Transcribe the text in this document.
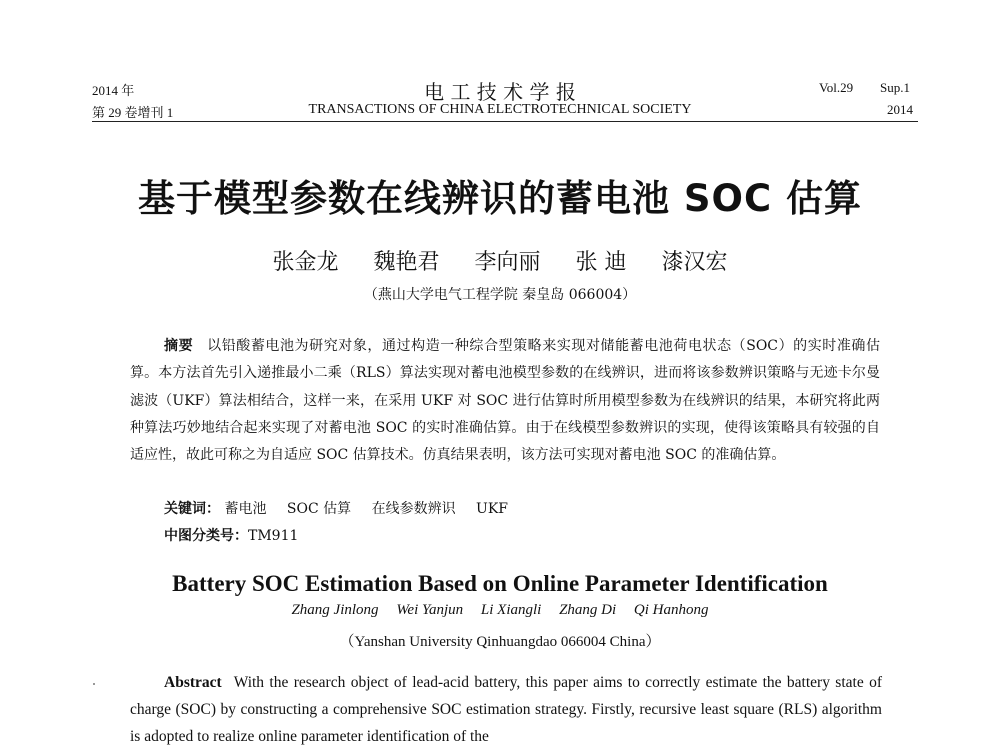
2014 年
第 29 卷增刊 1
电 工 技 术 学 报
TRANSACTIONS OF CHINA ELECTROTECHNICAL SOCIETY
Vol.29 Sup.1
2014
基于模型参数在线辨识的蓄电池 SOC 估算
张金龙 魏艳君 李向丽 张 迪 漆汉宏
（燕山大学电气工程学院 秦皇岛 066004）
摘要 以铅酸蓄电池为研究对象，通过构造一种综合型策略来实现对储能蓄电池荷电状态（SOC）的实时准确估算。本方法首先引入递推最小二乘（RLS）算法实现对蓄电池模型参数的在线辨识，进而将该参数辨识策略与无迹卡尔曼滤波（UKF）算法相结合，这样一来，在采用 UKF 对 SOC 进行估算时所用模型参数为在线辨识的结果，本研究将此两种算法巧妙地结合起来实现了对蓄电池 SOC 的实时准确估算。由于在线模型参数辨识的实现，使得该策略具有较强的自适应性，故此可称之为自适应 SOC 估算技术。仿真结果表明，该方法可实现对蓄电池 SOC 的准确估算。
关键词： 蓄电池 SOC 估算 在线参数辨识 UKF
中图分类号：TM911
Battery SOC Estimation Based on Online Parameter Identification
Zhang Jinlong Wei Yanjun Li Xiangli Zhang Di Qi Hanhong
（Yanshan University Qinhuangdao 066004 China）
Abstract With the research object of lead-acid battery, this paper aims to correctly estimate the battery state of charge (SOC) by constructing a comprehensive SOC estimation strategy. Firstly, recursive least square (RLS) algorithm is adopted to realize online parameter identification of the
